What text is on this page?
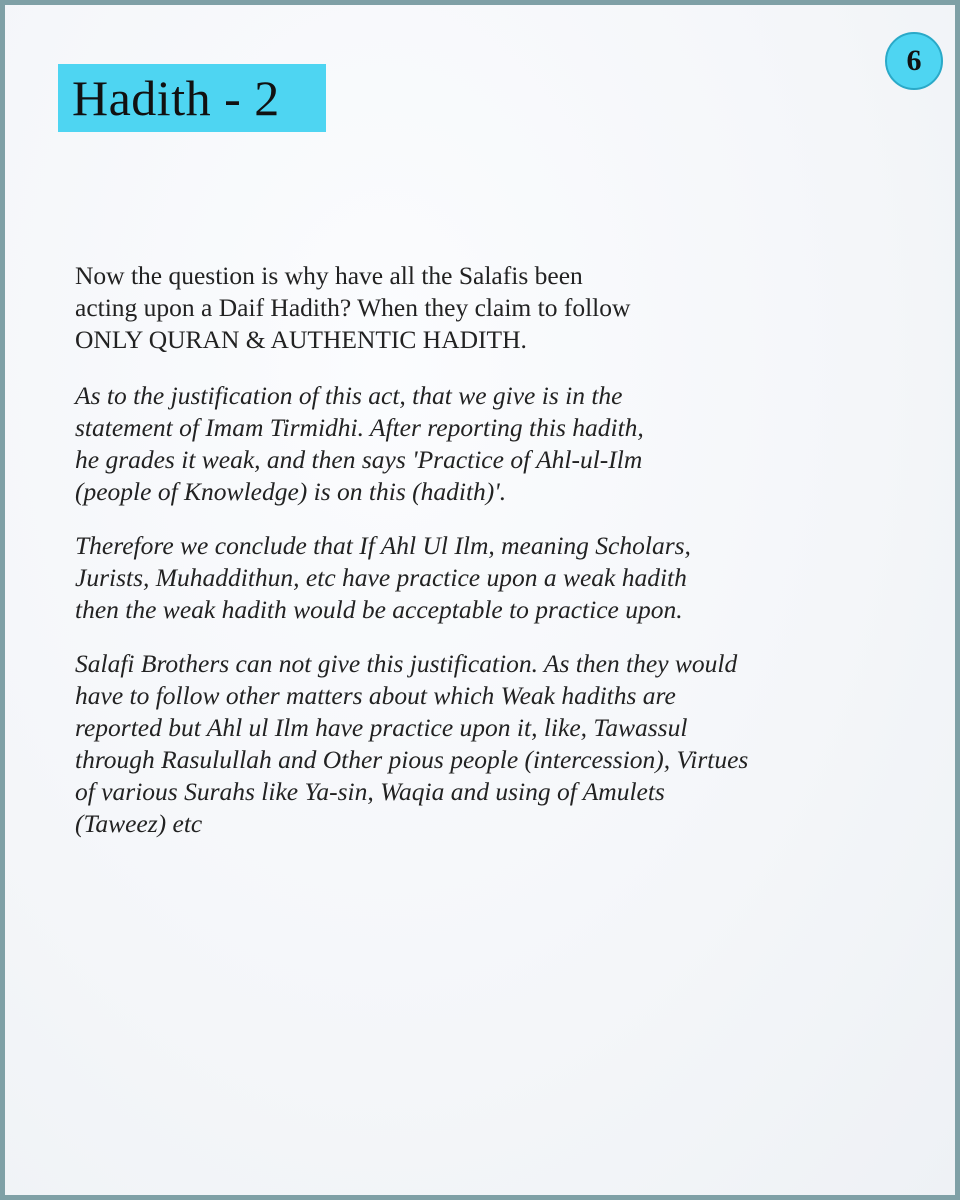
Hadith - 2
6

Now the question is why have all the Salafis been
acting upon a Daif Hadith? When they claim to follow
ONLY QURAN & AUTHENTIC HADITH.

As to the justification of this act, that we give is in the
statement of Imam Tirmidhi. After reporting this hadith,
he grades it weak, and then says 'Practice of Ahl-ul-Ilm
(people of Knowledge) is on this (hadith)'.

Therefore we conclude that If Ahl Ul Ilm, meaning Scholars,
Jurists, Muhaddithun, etc have practice upon a weak hadith
then the weak hadith would be acceptable to practice upon.

Salafi Brothers can not give this justification. As then they would
have to follow other matters about which Weak hadiths are
reported but Ahl ul Ilm have practice upon it, like, Tawassul
through Rasulullah and Other pious people (intercession), Virtues
of various Surahs like Ya-sin, Waqia and using of Amulets
(Taweez) etc
